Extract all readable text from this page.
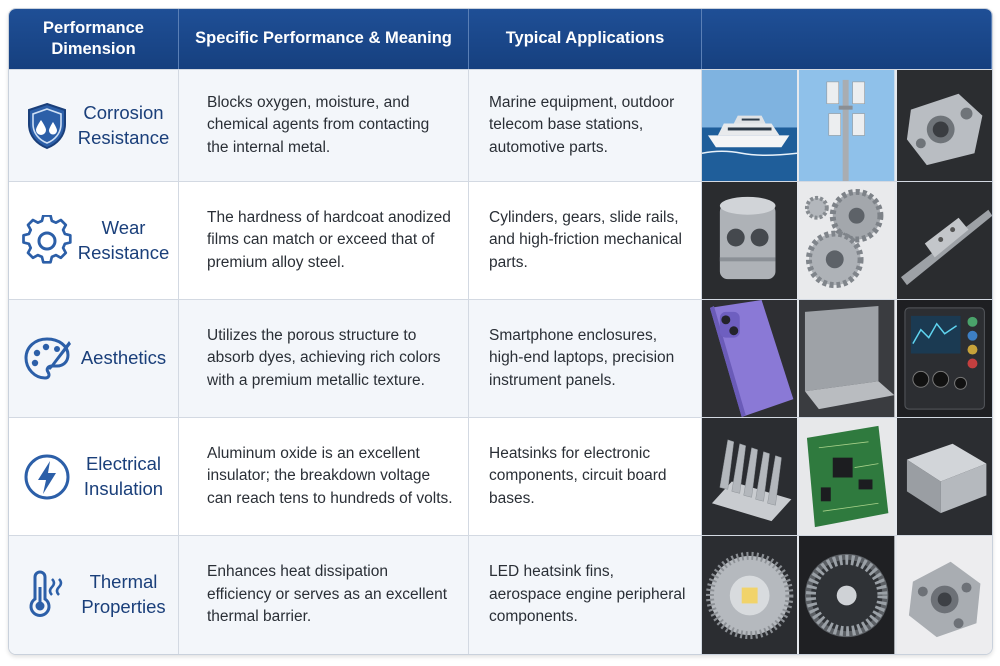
Performance Dimension
Specific Performance & Meaning	Typical Applications
Corrosion Resistance
Blocks oxygen, moisture, and chemical agents from contacting the internal metal.
Marine equipment, outdoor telecom base stations, automotive parts.
Wear Resistance
The hardness of hardcoat anodized films can match or exceed that of premium alloy steel.
Cylinders, gears, slide rails, and high-friction mechanical parts.
Aesthetics
Utilizes the porous structure to absorb dyes, achieving rich colors with a premium metallic texture.
Smartphone enclosures, high-end laptops, precision instrument panels.
Electrical Insulation
Aluminum oxide is an excellent insulator; the breakdown voltage can reach tens to hundreds of volts.
Heatsinks for electronic components, circuit board bases.
Thermal Properties
Enhances heat dissipation efficiency or serves as an excellent thermal barrier.
LED heatsink fins, aerospace engine peripheral components.
